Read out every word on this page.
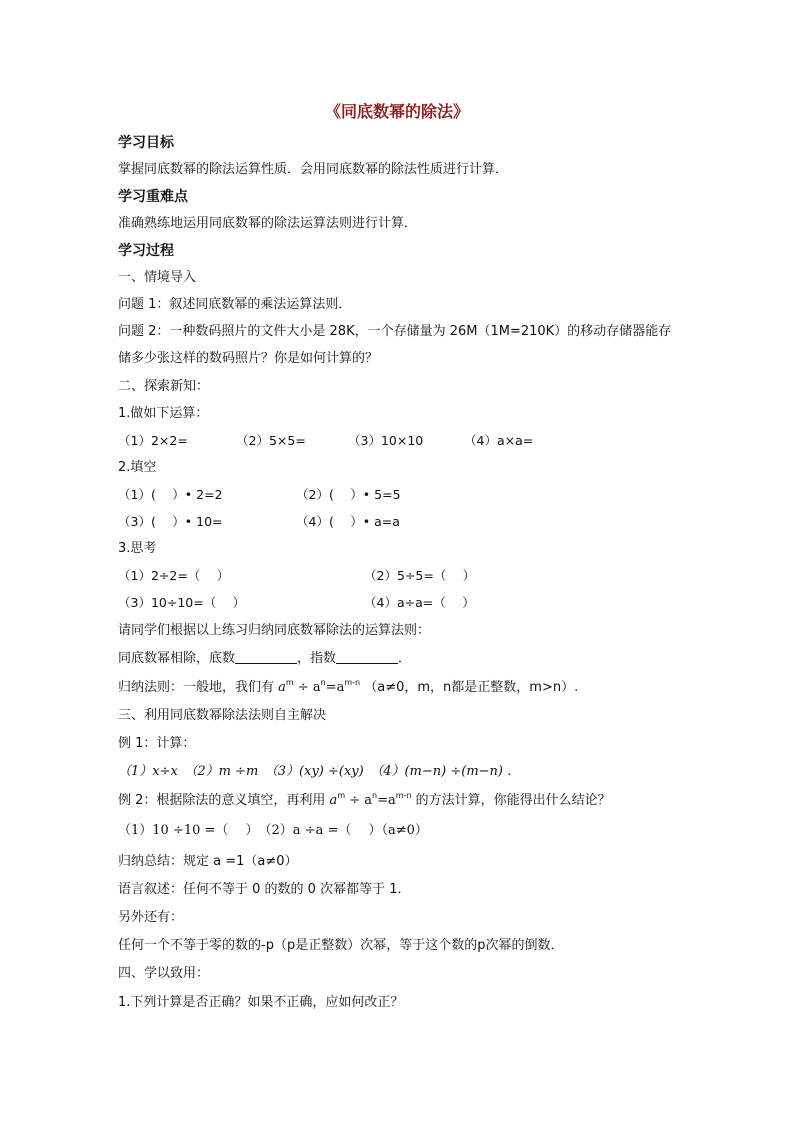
《同底数幂的除法》
学习目标
掌握同底数幂的除法运算性质．会用同底数幂的除法性质进行计算．
学习重难点
准确熟练地运用同底数幂的除法运算法则进行计算．
学习过程
一、情境导入
问题 1：叙述同底数幂的乘法运算法则．
问题 2：一种数码照片的文件大小是 28K，一个存储量为 26M（1M=210K）的移动存储器能存
储多少张这样的数码照片？你是如何计算的？
二、探索新知：
1.做如下运算：
（1）2×2=	（2）5×5=	（3）10×10	（4）a×a=
2.填空
（1）(　 ）• 2=2	（2）(　 ）• 5=5
（3）(　 ）• 10=	（4）(　 ）• a=a
3.思考
（1）2÷2=（　 ）	（2）5÷5=（　 ）
（3）10÷10=（　 ）	（4）a÷a=（　 ）
请同学们根据以上练习归纳同底数幂除法的运算法则：
同底数幂相除，底数	，指数	．
归纳法则：一般地，我们有 $a^m \div a^n=a^{m-n}$ （a≠0，m，n都是正整数，m>n）.
三、利用同底数幂除法法则自主解决
例 1：计算：
（1）x÷x　（2）m ÷m　（3）(xy) ÷(xy)　（4）(m−n) ÷(m−n) ．
例 2：根据除法的意义填空，再利用 $a^m \div a^n=a^{m-n}$ 的方法计算，你能得出什么结论？
（1）10 ÷10 =（　 ）　（2）a ÷a =（　 ）（a≠0）
归纳总结：规定 a =1（a≠0）
语言叙述：任何不等于 0 的数的 0 次幂都等于 1．
另外还有：
任何一个不等于零的数的-p（p是正整数）次幂，等于这个数的p次幂的倒数．
四、学以致用：
1.下列计算是否正确？如果不正确，应如何改正？
